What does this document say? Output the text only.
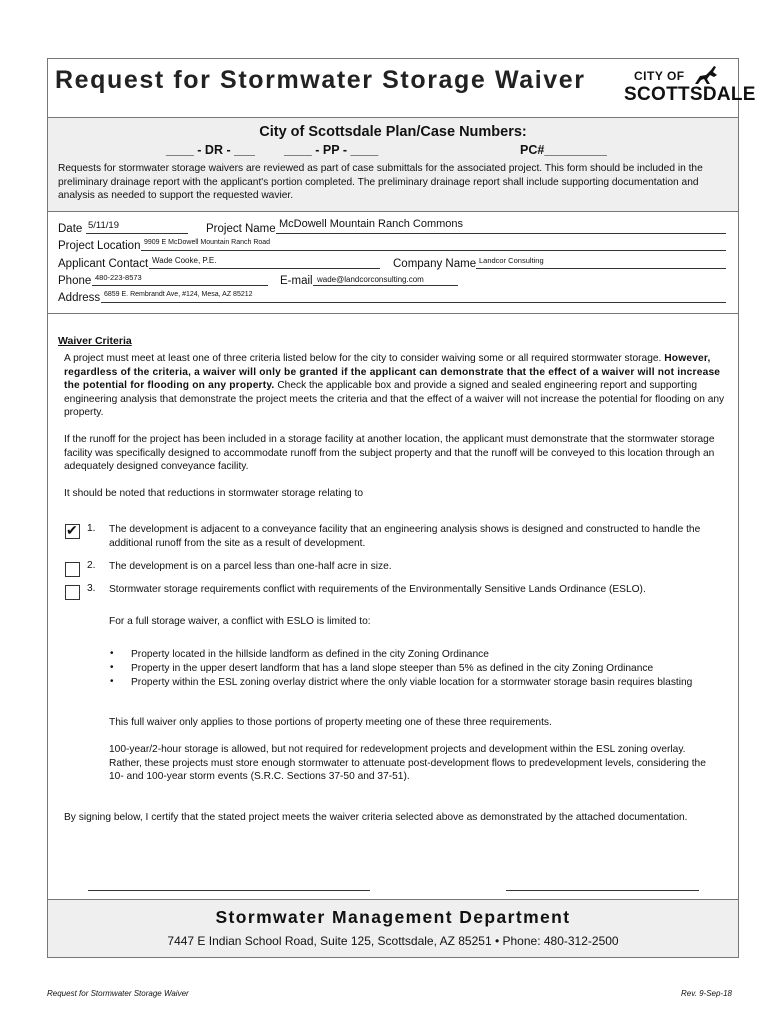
Request for Stormwater Storage Waiver	CITY OF
SCOTTSDALE
City of Scottsdale Plan/Case Numbers:
____ - DR - ___ ____ - PP - ____	PC#_________
Requests for stormwater storage waivers are reviewed as part of case submittals for the associated project. This form should be included in the preliminary drainage report with the applicant's portion completed. The preliminary drainage report shall include supporting documentation and analysis as needed to support the requested wavier.
Date 5/11/19	Project Name McDowell Mountain Ranch Commons
Project Location 9909 E McDowell Mountain Ranch Road
Applicant Contact Wade Cooke, P.E.	Company Name Landcor Consulting
Phone 480-223-8573	E-mail wade@landcorconsulting.com
Address 6859 E. Rembrandt Ave, #124, Mesa, AZ 85212
Waiver Criteria
A project must meet at least one of three criteria listed below for the city to consider waiving some or all required stormwater storage. However, regardless of the criteria, a waiver will only be granted if the applicant can demonstrate that the effect of a waiver will not increase the potential for flooding on any property. Check the applicable box and provide a signed and sealed engineering report and supporting engineering analysis that demonstrate the project meets the criteria and that the effect of a waiver will not increase the potential for flooding on any property.
If the runoff for the project has been included in a storage facility at another location, the applicant must demonstrate that the stormwater storage facility was specifically designed to accommodate runoff from the subject property and that the runoff will be conveyed to this location through an adequately designed conveyance facility.
It should be noted that reductions in stormwater storage relating to
✔ 1. The development is adjacent to a conveyance facility that an engineering analysis shows is designed and constructed to handle the additional runoff from the site as a result of development.
2. The development is on a parcel less than one-half acre in size.
3. Stormwater storage requirements conflict with requirements of the Environmentally Sensitive Lands Ordinance (ESLO).
For a full storage waiver, a conflict with ESLO is limited to:
• Property located in the hillside landform as defined in the city Zoning Ordinance
• Property in the upper desert landform that has a land slope steeper than 5% as defined in the city Zoning Ordinance
• Property within the ESL zoning overlay district where the only viable location for a stormwater storage basin requires blasting
This full waiver only applies to those portions of property meeting one of these three requirements.
100-year/2-hour storage is allowed, but not required for redevelopment projects and development within the ESL zoning overlay. Rather, these projects must store enough stormwater to attenuate post-development flows to predevelopment levels, considering the 10- and 100-year storm events (S.R.C. Sections 37-50 and 37-51).
By signing below, I certify that the stated project meets the waiver criteria selected above as demonstrated by the attached documentation.
Stormwater Management Department
7447 E Indian School Road, Suite 125, Scottsdale, AZ 85251 • Phone: 480-312-2500
Request for Stormwater Storage Waiver	Rev. 9-Sep-18
